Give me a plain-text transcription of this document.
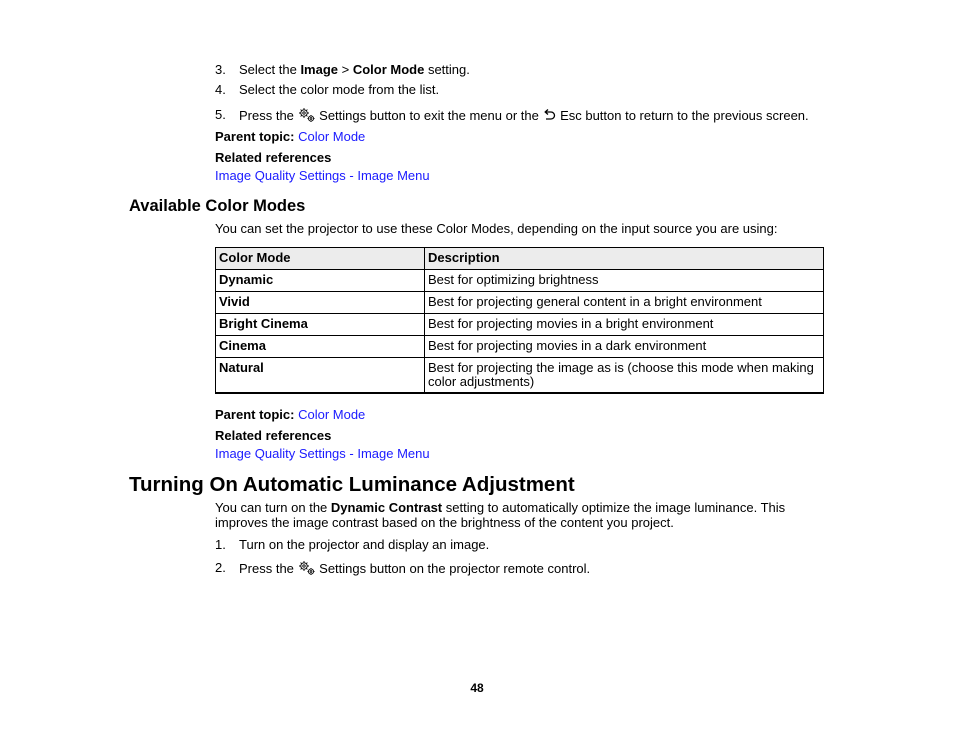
3. Select the Image > Color Mode setting.
4. Select the color mode from the list.
5. Press the  Settings button to exit the menu or the  Esc button to return to the previous screen.
Parent topic: Color Mode
Related references
Image Quality Settings - Image Menu
Available Color Modes
You can set the projector to use these Color Modes, depending on the input source you are using:
Color Mode	Description
Dynamic	Best for optimizing brightness
Vivid	Best for projecting general content in a bright environment
Bright Cinema	Best for projecting movies in a bright environment
Cinema	Best for projecting movies in a dark environment
Natural	Best for projecting the image as is (choose this mode when making color adjustments)
Parent topic: Color Mode
Related references
Image Quality Settings - Image Menu
Turning On Automatic Luminance Adjustment
You can turn on the Dynamic Contrast setting to automatically optimize the image luminance. This
improves the image contrast based on the brightness of the content you project.
1. Turn on the projector and display an image.
2. Press the  Settings button on the projector remote control.
48
